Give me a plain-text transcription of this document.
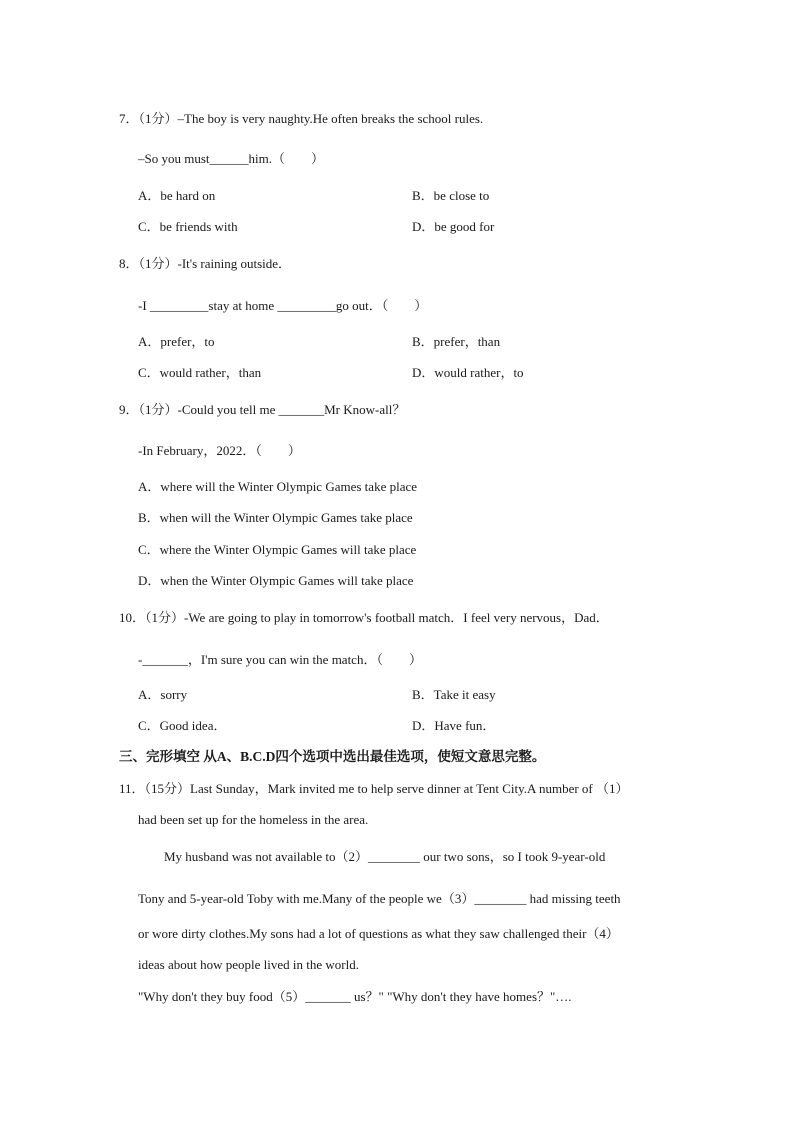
7．（1分）–The boy is very naughty.He often breaks the school rules.
–So you must______him.（　　）
A．be hard on	B．be close to
C．be friends with	D．be good for
8．（1分）-It's raining outside．
-I _________stay at home _________go out．（　　）
A．prefer，to	B．prefer，than
C．would rather，than	D．would rather，to
9．（1分）-Could you tell me _______Mr Know-all？
-In February，2022．（　　）
A．where will the Winter Olympic Games take place
B．when will the Winter Olympic Games take place
C．where the Winter Olympic Games will take place
D．when the Winter Olympic Games will take place
10．（1分）-We are going to play in tomorrow's football match．I feel very nervous，Dad．
-_______，I'm sure you can win the match．（　　）
A．sorry	B．Take it easy
C．Good idea．	D．Have fun．
三、完形填空 从A、B.C.D四个选项中选出最佳选项，使短文意思完整。
11．（15分）Last Sunday，Mark invited me to help serve dinner at Tent City.A number of （1）
had been set up for the homeless in the area.
My husband was not available to（2）________ our two sons，so I took 9-year-old
Tony and 5-year-old Toby with me.Many of the people we（3）________ had missing teeth
or wore dirty clothes.My sons had a lot of questions as what they saw challenged their（4）
ideas about how people lived in the world.
"Why don't they buy food（5）_______ us？" "Why don't they have homes？"….
